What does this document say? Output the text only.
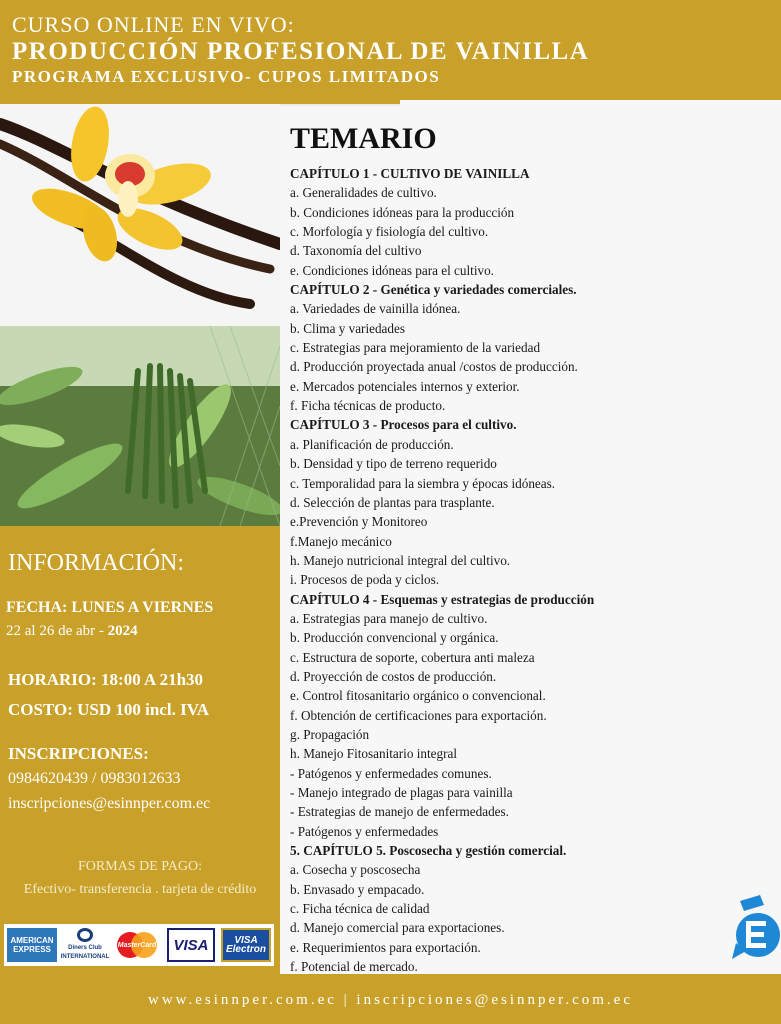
CURSO ONLINE EN VIVO:
PRODUCCIÓN PROFESIONAL DE VAINILLA
PROGRAMA EXCLUSIVO- CUPOS LIMITADOS
INFORMACIÓN:
FECHA: LUNES A VIERNES
22 al 26 de abr - 2024
HORARIO: 18:00 A 21h30
COSTO: USD 100 incl. IVA
INSCRIPCIONES:
0984620439 / 0983012633
inscripciones@esinnper.com.ec
FORMAS DE PAGO:
Efectivo- transferencia . tarjeta de crédito
AMERICAN EXPRESS	Diners Club INTERNATIONAL
MasterCard	VISA	VISA
Electron
TEMARIO
CAPÍTULO 1 - CULTIVO DE VAINILLA
a. Generalidades de cultivo.
b. Condiciones idóneas para la producción
c. Morfología y fisiología del cultivo.
d. Taxonomía del cultivo
e. Condiciones idóneas para el cultivo.
CAPÍTULO 2 - Genética y variedades comerciales.
a. Variedades de vainilla idónea.
b. Clima y variedades
c. Estrategias para mejoramiento de la variedad
d. Producción proyectada anual /costos de producción.
e. Mercados potenciales internos y exterior.
f. Ficha técnicas de producto.
CAPÍTULO 3 - Procesos para el cultivo.
a. Planificación de producción.
b. Densidad y tipo de terreno requerido
c. Temporalidad para la siembra y épocas idóneas.
d. Selección de plantas para trasplante.
e.Prevención y Monitoreo
f.Manejo mecánico
h. Manejo nutricional integral del cultivo.
i. Procesos de poda y ciclos.
CAPÍTULO 4 - Esquemas y estrategias de producción
a. Estrategias para manejo de cultivo.
b. Producción convencional y orgánica.
c. Estructura de soporte, cobertura anti maleza
d. Proyección de costos de producción.
e. Control fitosanitario orgánico o convencional.
f. Obtención de certificaciones para exportación.
g. Propagación
h. Manejo Fitosanitario integral
- Patógenos y enfermedades comunes.
- Manejo integrado de plagas para vainilla
- Estrategias de manejo de enfermedades.
- Patógenos y enfermedades
5. CAPÍTULO 5. Poscosecha y gestión comercial.
a. Cosecha y poscosecha
b. Envasado y empacado.
c. Ficha técnica de calidad
d. Manejo comercial para exportaciones.
e. Requerimientos para exportación.
f. Potencial de mercado.
www.esinnper.com.ec | inscripciones@esinnper.com.ec
